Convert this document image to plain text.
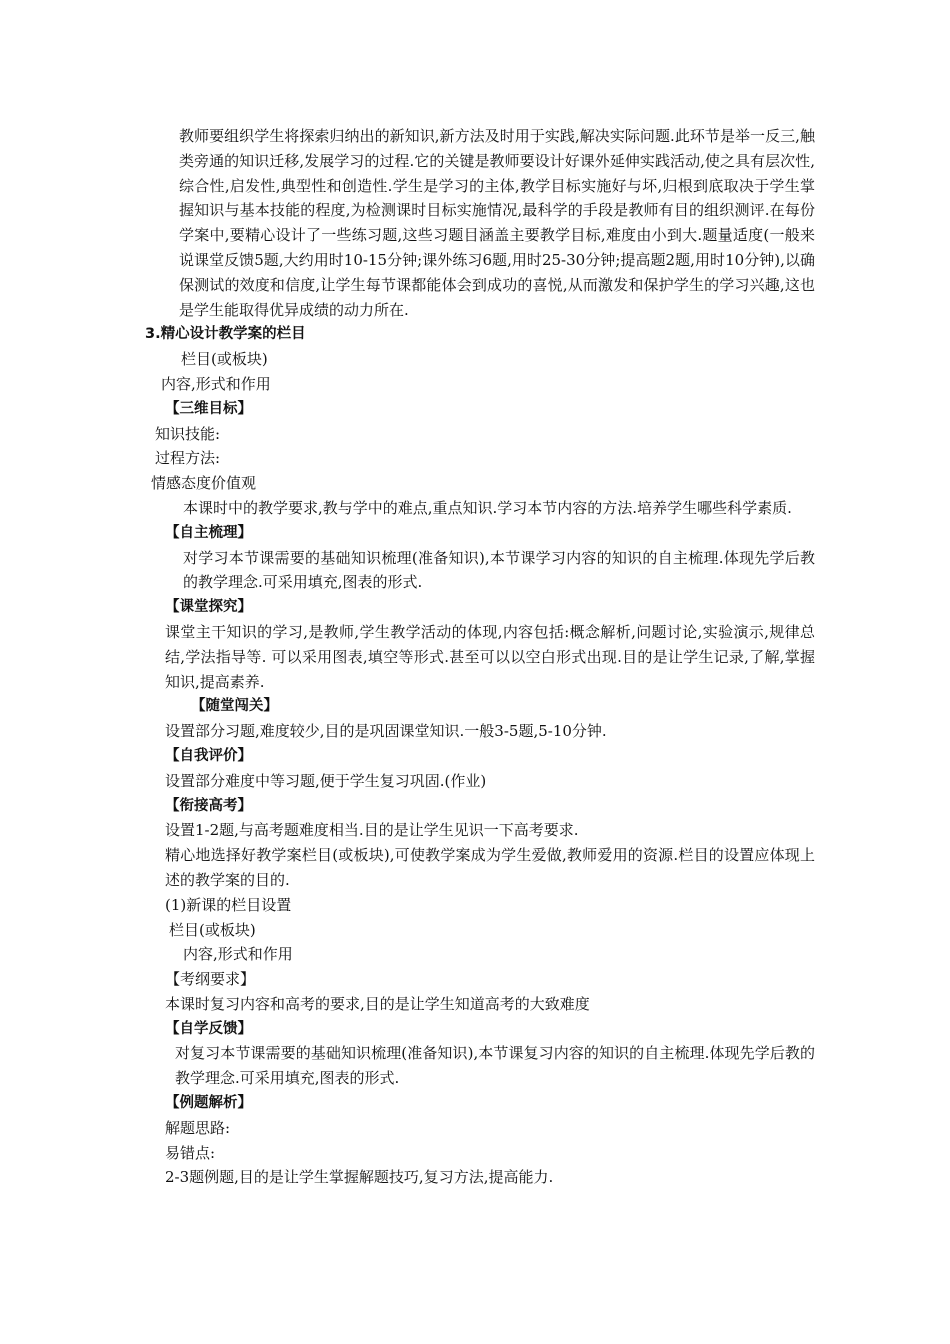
教师要组织学生将探索归纳出的新知识,新方法及时用于实践,解决实际问题.此环节是举一反三,触类旁通的知识迁移,发展学习的过程.它的关键是教师要设计好课外延伸实践活动,使之具有层次性,综合性,启发性,典型性和创造性.学生是学习的主体,教学目标实施好与坏,归根到底取决于学生掌握知识与基本技能的程度,为检测课时目标实施情况,最科学的手段是教师有目的组织测评.在每份学案中,要精心设计了一些练习题,这些习题目涵盖主要教学目标,难度由小到大.题量适度(一般来说课堂反馈5题,大约用时10-15分钟;课外练习6题,用时25-30分钟;提高题2题,用时10分钟),以确保测试的效度和信度,让学生每节课都能体会到成功的喜悦,从而激发和保护学生的学习兴趣,这也是学生能取得优异成绩的动力所在.

3.精心设计教学案的栏目

栏目(或板块)

内容,形式和作用

【三维目标】

知识技能:

过程方法:

情感态度价值观

本课时中的教学要求,教与学中的难点,重点知识.学习本节内容的方法.培养学生哪些科学素质.

【自主梳理】

对学习本节课需要的基础知识梳理(准备知识),本节课学习内容的知识的自主梳理.体现先学后教的教学理念.可采用填充,图表的形式.

【课堂探究】

课堂主干知识的学习,是教师,学生教学活动的体现,内容包括:概念解析,问题讨论,实验演示,规律总结,学法指导等. 可以采用图表,填空等形式.甚至可以以空白形式出现.目的是让学生记录,了解,掌握知识,提高素养.

【随堂闯关】

设置部分习题,难度较少,目的是巩固课堂知识.一般3-5题,5-10分钟.

【自我评价】

设置部分难度中等习题,便于学生复习巩固.(作业)

【衔接高考】

设置1-2题,与高考题难度相当.目的是让学生见识一下高考要求.

精心地选择好教学案栏目(或板块),可使教学案成为学生爱做,教师爱用的资源.栏目的设置应体现上述的教学案的目的.

(1)新课的栏目设置

栏目(或板块)

内容,形式和作用

【考纲要求】

本课时复习内容和高考的要求,目的是让学生知道高考的大致难度

【自学反馈】

对复习本节课需要的基础知识梳理(准备知识),本节课复习内容的知识的自主梳理.体现先学后教的教学理念.可采用填充,图表的形式.

【例题解析】

解题思路:

易错点:

2-3题例题,目的是让学生掌握解题技巧,复习方法,提高能力.
